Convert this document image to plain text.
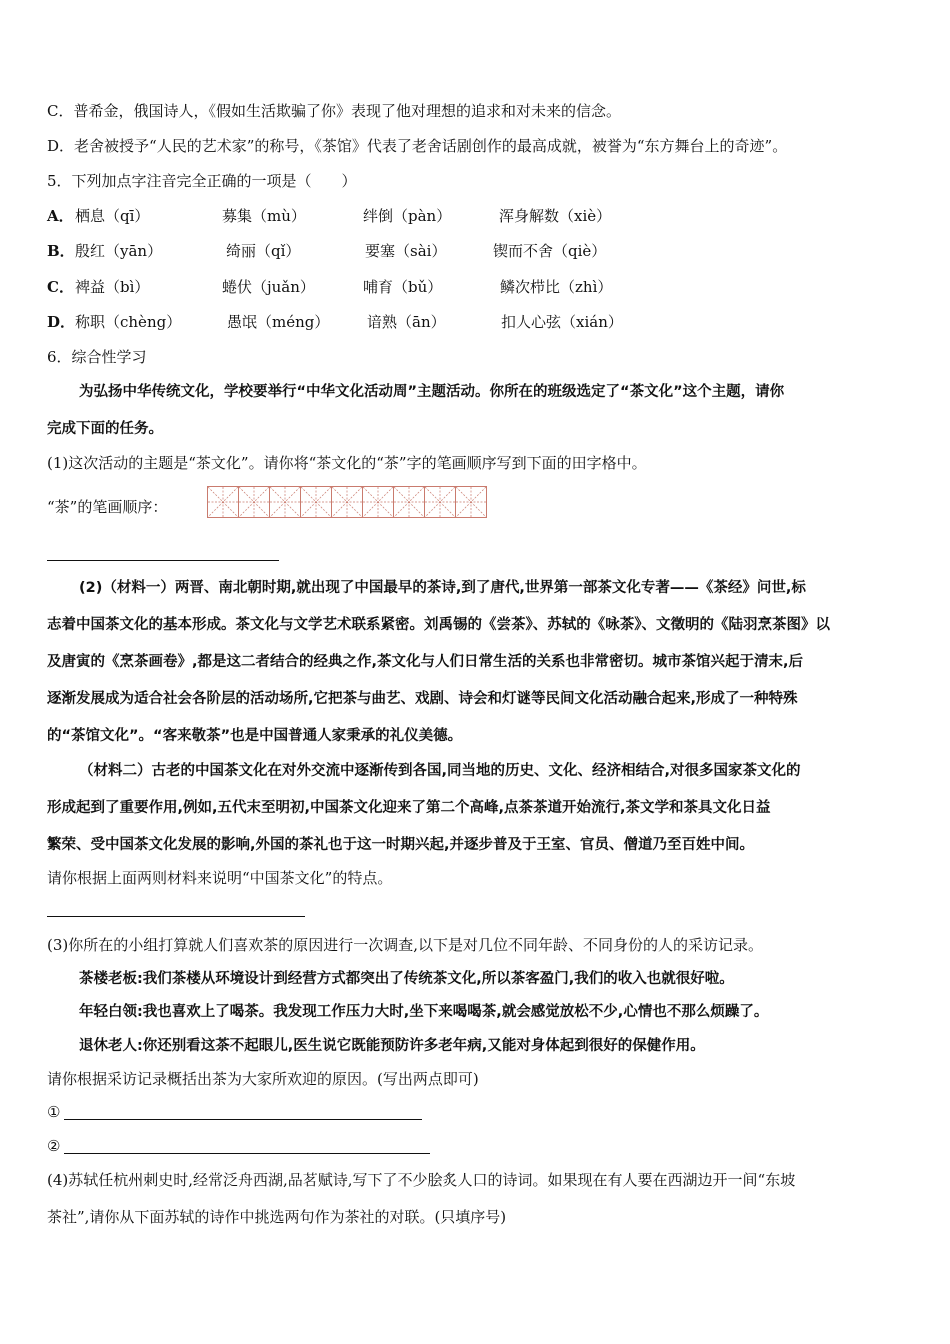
C．普希金，俄国诗人，《假如生活欺骗了你》表现了他对理想的追求和对未来的信念。
D．老舍被授予“人民的艺术家”的称号，《茶馆》代表了老舍话剧创作的最高成就，被誉为“东方舞台上的奇迹”。
5．下列加点字注音完全正确的一项是（　　）
A． 栖息（qī）	募集（mù）	绊倒（pàn）	浑身解数（xiè）
B． 殷红（yān）	绮丽（qǐ）	要塞（sài）	锲而不舍（qiè）
C． 裨益（bì）	蜷伏（juǎn）	哺育（bǔ）	鳞次栉比（zhì）
D． 称职（chèng）	愚氓（méng）	谙熟（ān）	扣人心弦（xián）
6．综合性学习
为弘扬中华传统文化，学校要举行“中华文化活动周”主题活动。你所在的班级选定了“茶文化”这个主题，请你
完成下面的任务。
(1)这次活动的主题是“茶文化”。请你将“茶文化的“茶”字的笔画顺序写到下面的田字格中。
“茶”的笔画顺序：
(2)（材料一）两晋、南北朝时期,就出现了中国最早的茶诗,到了唐代,世界第一部茶文化专著——《茶经》问世,标
志着中国茶文化的基本形成。茶文化与文学艺术联系紧密。刘禹锡的《尝茶》、苏轼的《咏茶》、文徵明的《陆羽烹茶图》以
及唐寅的《烹茶画卷》,都是这二者结合的经典之作,茶文化与人们日常生活的关系也非常密切。城市茶馆兴起于清末,后
逐渐发展成为适合社会各阶层的活动场所,它把茶与曲艺、戏剧、诗会和灯谜等民间文化活动融合起来,形成了一种特殊
的“茶馆文化”。“客来敬茶”也是中国普通人家秉承的礼仪美德。
（材料二）古老的中国茶文化在对外交流中逐渐传到各国,同当地的历史、文化、经济相结合,对很多国家茶文化的
形成起到了重要作用,例如,五代末至明初,中国茶文化迎来了第二个高峰,点茶茶道开始流行,茶文学和茶具文化日益
繁荣、受中国茶文化发展的影响,外国的茶礼也于这一时期兴起,并逐步普及于王室、官员、僧道乃至百姓中间。
请你根据上面两则材料来说明“中国茶文化”的特点。
(3)你所在的小组打算就人们喜欢茶的原因进行一次调查,以下是对几位不同年龄、不同身份的人的采访记录。
茶楼老板:我们茶楼从环境设计到经营方式都突出了传统茶文化,所以茶客盈门,我们的收入也就很好啦。
年轻白领:我也喜欢上了喝茶。我发现工作压力大时,坐下来喝喝茶,就会感觉放松不少,心情也不那么烦躁了。
退休老人:你还别看这茶不起眼儿,医生说它既能预防许多老年病,又能对身体起到很好的保健作用。
请你根据采访记录概括出茶为大家所欢迎的原因。(写出两点即可)
①
②
(4)苏轼任杭州刺史时,经常泛舟西湖,品茗赋诗,写下了不少脍炙人口的诗词。如果现在有人要在西湖边开一间“东坡
茶社”,请你从下面苏轼的诗作中挑选两句作为茶社的对联。(只填序号)
